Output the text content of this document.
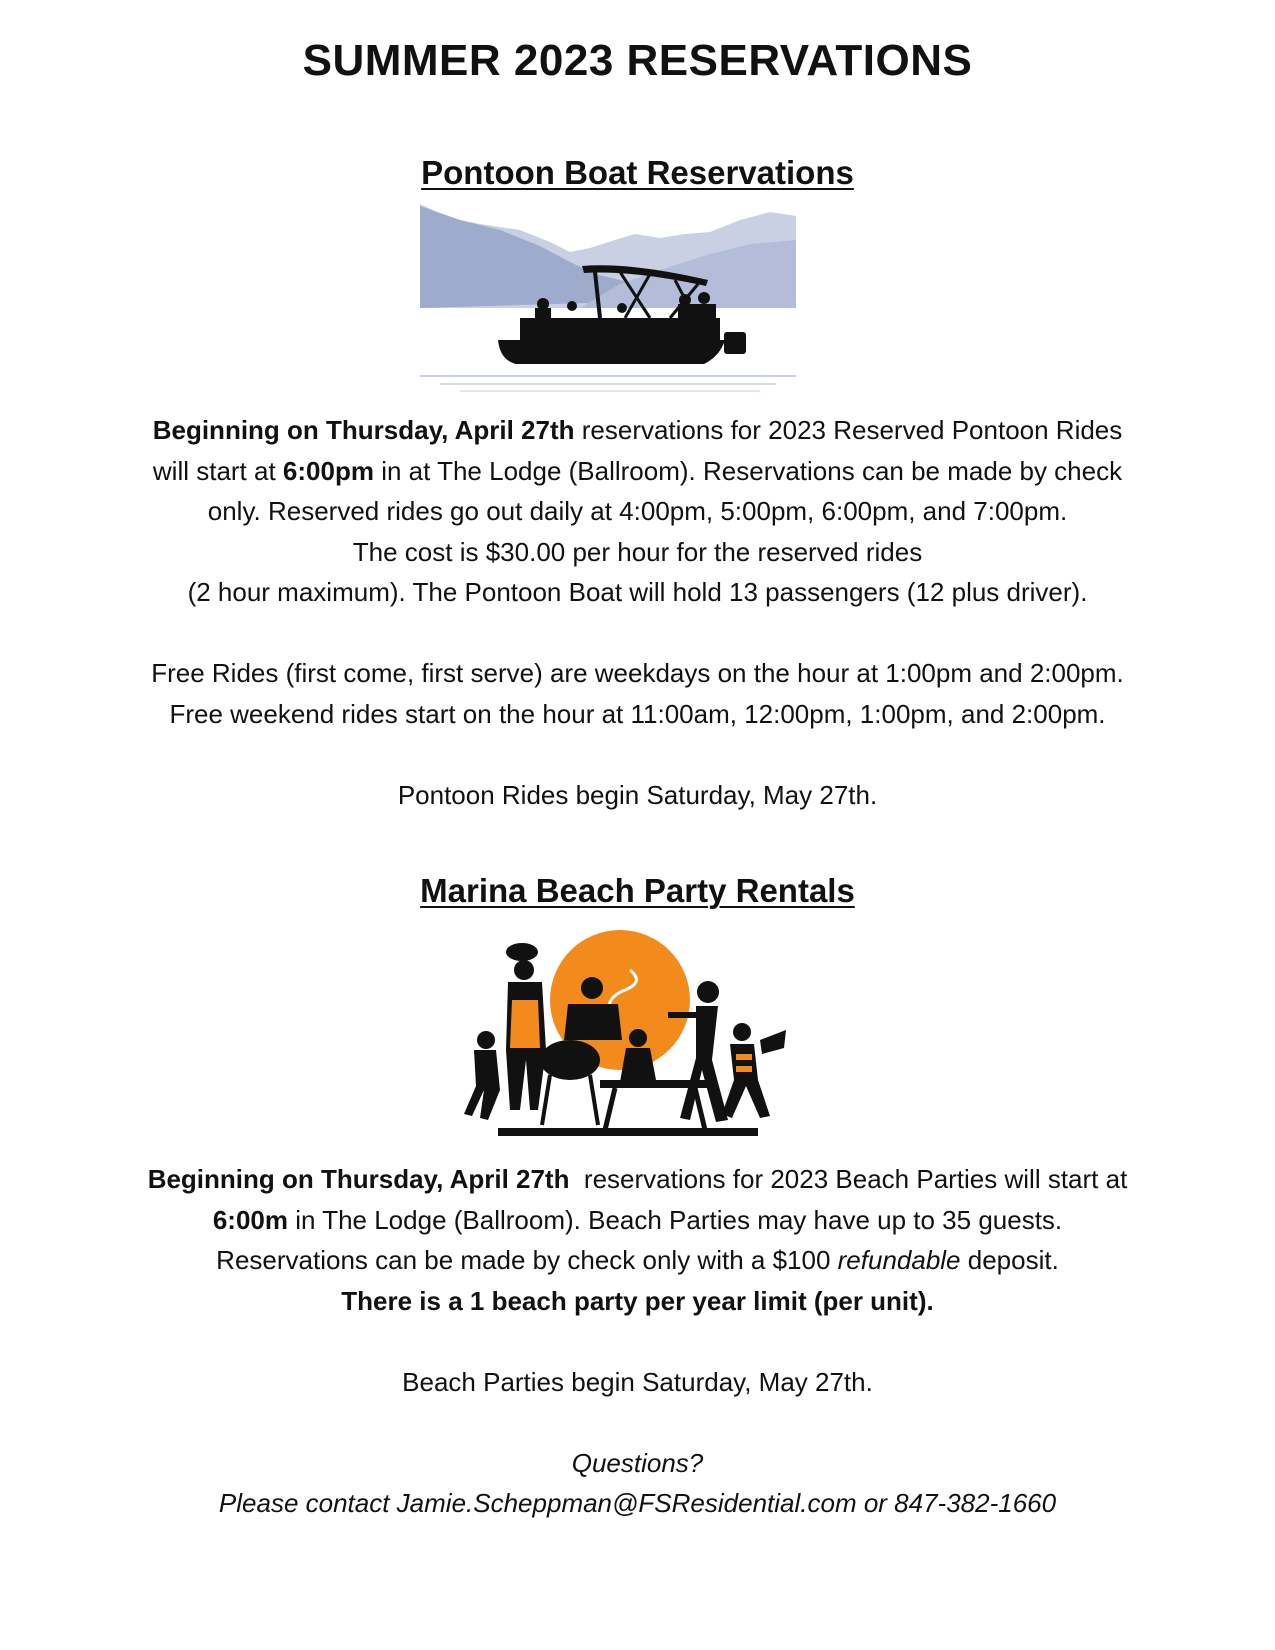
SUMMER 2023 RESERVATIONS
Pontoon Boat Reservations

Beginning on Thursday, April 27th reservations for 2023 Reserved Pontoon Rides

will start at 6:00pm in at The Lodge (Ballroom). Reservations can be made by check

only. Reserved rides go out daily at 4:00pm, 5:00pm, 6:00pm, and 7:00pm.

The cost is $30.00 per hour for the reserved rides

(2 hour maximum). The Pontoon Boat will hold 13 passengers (12 plus driver).

Free Rides (first come, first serve) are weekdays on the hour at 1:00pm and 2:00pm.

Free weekend rides start on the hour at 11:00am, 12:00pm, 1:00pm, and 2:00pm.

Pontoon Rides begin Saturday, May 27th.

Marina Beach Party Rentals

Beginning on Thursday, April 27th  reservations for 2023 Beach Parties will start at

6:00m in The Lodge (Ballroom). Beach Parties may have up to 35 guests.

Reservations can be made by check only with a $100 refundable deposit.

There is a 1 beach party per year limit (per unit).

Beach Parties begin Saturday, May 27th.

Questions?

Please contact Jamie.Scheppman@FSResidential.com or 847-382-1660
